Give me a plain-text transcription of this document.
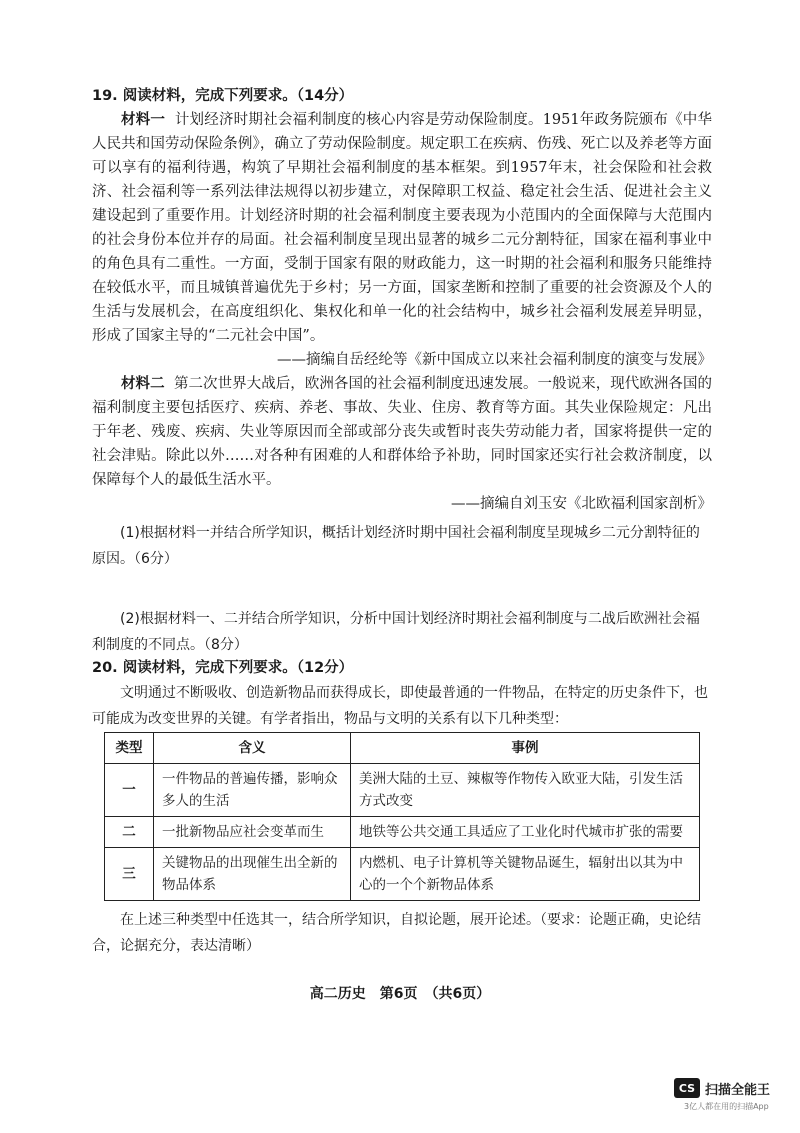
19. 阅读材料，完成下列要求。（14分）

材料一 计划经济时期社会福利制度的核心内容是劳动保险制度。1951年政务院颁布《中华人民共和国劳动保险条例》，确立了劳动保险制度。规定职工在疾病、伤残、死亡以及养老等方面可以享有的福利待遇，构筑了早期社会福利制度的基本框架。到1957年末，社会保险和社会救济、社会福利等一系列法律法规得以初步建立，对保障职工权益、稳定社会生活、促进社会主义建设起到了重要作用。计划经济时期的社会福利制度主要表现为小范围内的全面保障与大范围内的社会身份本位并存的局面。社会福利制度呈现出显著的城乡二元分割特征，国家在福利事业中的角色具有二重性。一方面，受制于国家有限的财政能力，这一时期的社会福利和服务只能维持在较低水平，而且城镇普遍优先于乡村；另一方面，国家垄断和控制了重要的社会资源及个人的生活与发展机会，在高度组织化、集权化和单一化的社会结构中，城乡社会福利发展差异明显，形成了国家主导的“二元社会中国”。

——摘编自岳经纶等《新中国成立以来社会福利制度的演变与发展》

材料二 第二次世界大战后，欧洲各国的社会福利制度迅速发展。一般说来，现代欧洲各国的福利制度主要包括医疗、疾病、养老、事故、失业、住房、教育等方面。其失业保险规定：凡出于年老、残废、疾病、失业等原因而全部或部分丧失或暂时丧失劳动能力者，国家将提供一定的社会津贴。除此以外……对各种有困难的人和群体给予补助，同时国家还实行社会救济制度，以保障每个人的最低生活水平。

——摘编自刘玉安《北欧福利国家剖析》

(1)根据材料一并结合所学知识，概括计划经济时期中国社会福利制度呈现城乡二元分割特征的原因。（6分）

(2)根据材料一、二并结合所学知识，分析中国计划经济时期社会福利制度与二战后欧洲社会福利制度的不同点。（8分）

20. 阅读材料，完成下列要求。（12分）

文明通过不断吸收、创造新物品而获得成长，即使最普通的一件物品，在特定的历史条件下，也可能成为改变世界的关键。有学者指出，物品与文明的关系有以下几种类型：

类型	含义	事例
一	一件物品的普遍传播，影响众多人的生活	美洲大陆的土豆、辣椒等作物传入欧亚大陆，引发生活方式改变
二	一批新物品应社会变革而生	地铁等公共交通工具适应了工业化时代城市扩张的需要
三	关键物品的出现催生出全新的物品体系	内燃机、电子计算机等关键物品诞生，辐射出以其为中心的一个个新物品体系

在上述三种类型中任选其一，结合所学知识，自拟论题，展开论述。（要求：论题正确，史论结合，论据充分，表达清晰）

高二历史　第6页　（共6页）
CS 扫描全能王
3亿人都在用的扫描App
